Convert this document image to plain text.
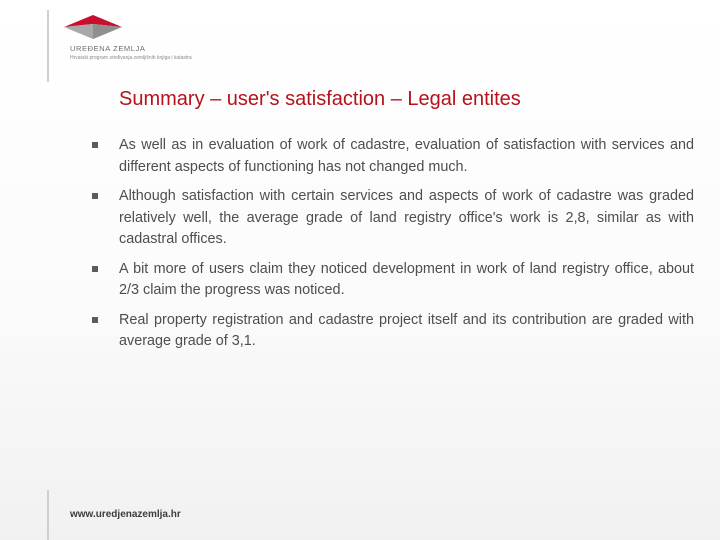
UREĐENA ZEMLJA
Hrvatski program sređivanja zemljišnih knjiga i katastra
Summary – user's satisfaction – Legal entites
As well as in evaluation of work of cadastre, evaluation of satisfaction with services and different aspects of functioning has not changed much.
Although satisfaction with certain services and aspects of work of cadastre was graded relatively well, the average grade of land registry office's work is 2,8, similar as with cadastral offices.
A bit more of users claim they noticed development in work of land registry office, about 2/3 claim the progress was noticed.
Real property registration and cadastre project itself and its contribution are graded with average grade of 3,1.
www.uredjenazemlja.hr
